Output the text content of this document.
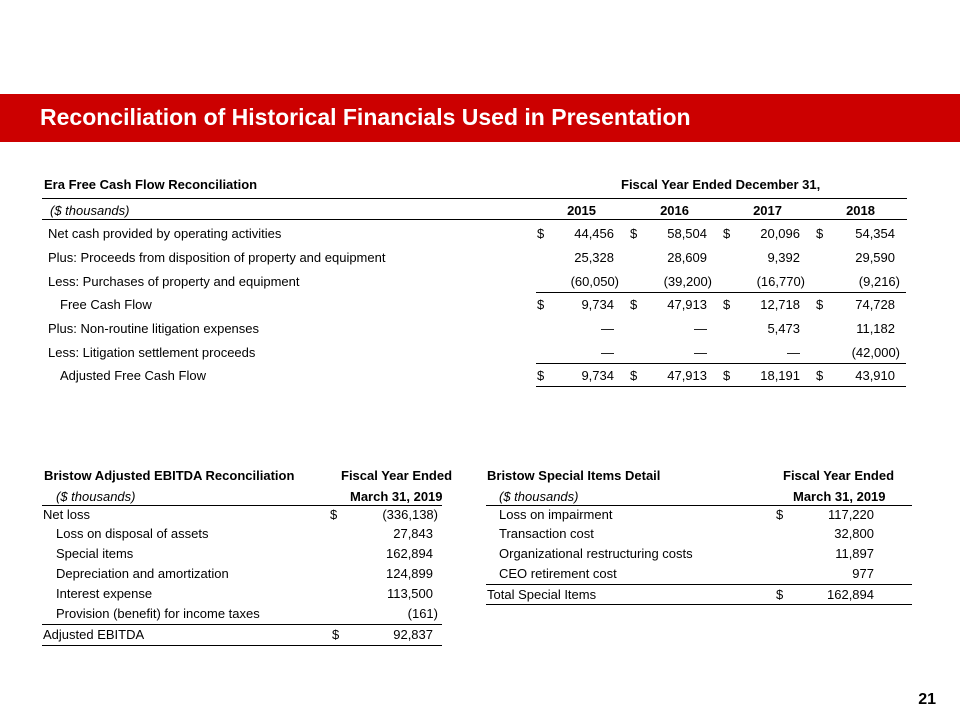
Reconciliation of Historical Financials Used in Presentation
Era Free Cash Flow Reconciliation	Fiscal Year Ended December 31,
($ thousands)	2015	2016	2017	2018
Net cash provided by operating activities	$	44,456 $	58,504 $	20,096 $	54,354
Plus: Proceeds from disposition of property and equipment	25,328	28,609	9,392	29,590
Less: Purchases of property and equipment	(60,050)	(39,200)	(16,770)	(9,216)
Free Cash Flow	$	9,734 $	47,913 $	12,718 $	74,728
Plus: Non-routine litigation expenses	—	—	5,473	11,182
Less: Litigation settlement proceeds	—	—	—	(42,000)
Adjusted Free Cash Flow	$	9,734 $	47,913 $	18,191 $	43,910
Bristow Adjusted EBITDA Reconciliation	Fiscal Year Ended
($ thousands)	March 31, 2019
Net loss	$	(336,138)
Loss on disposal of assets	27,843
Special items	162,894
Depreciation and amortization	124,899
Interest expense	113,500
Provision (benefit) for income taxes	(161)
Adjusted EBITDA	$	92,837
Bristow Special Items Detail	Fiscal Year Ended
($ thousands)	March 31, 2019
Loss on impairment	$	117,220
Transaction cost	32,800
Organizational restructuring costs	11,897
CEO retirement cost	977
Total Special Items	$	162,894
21
